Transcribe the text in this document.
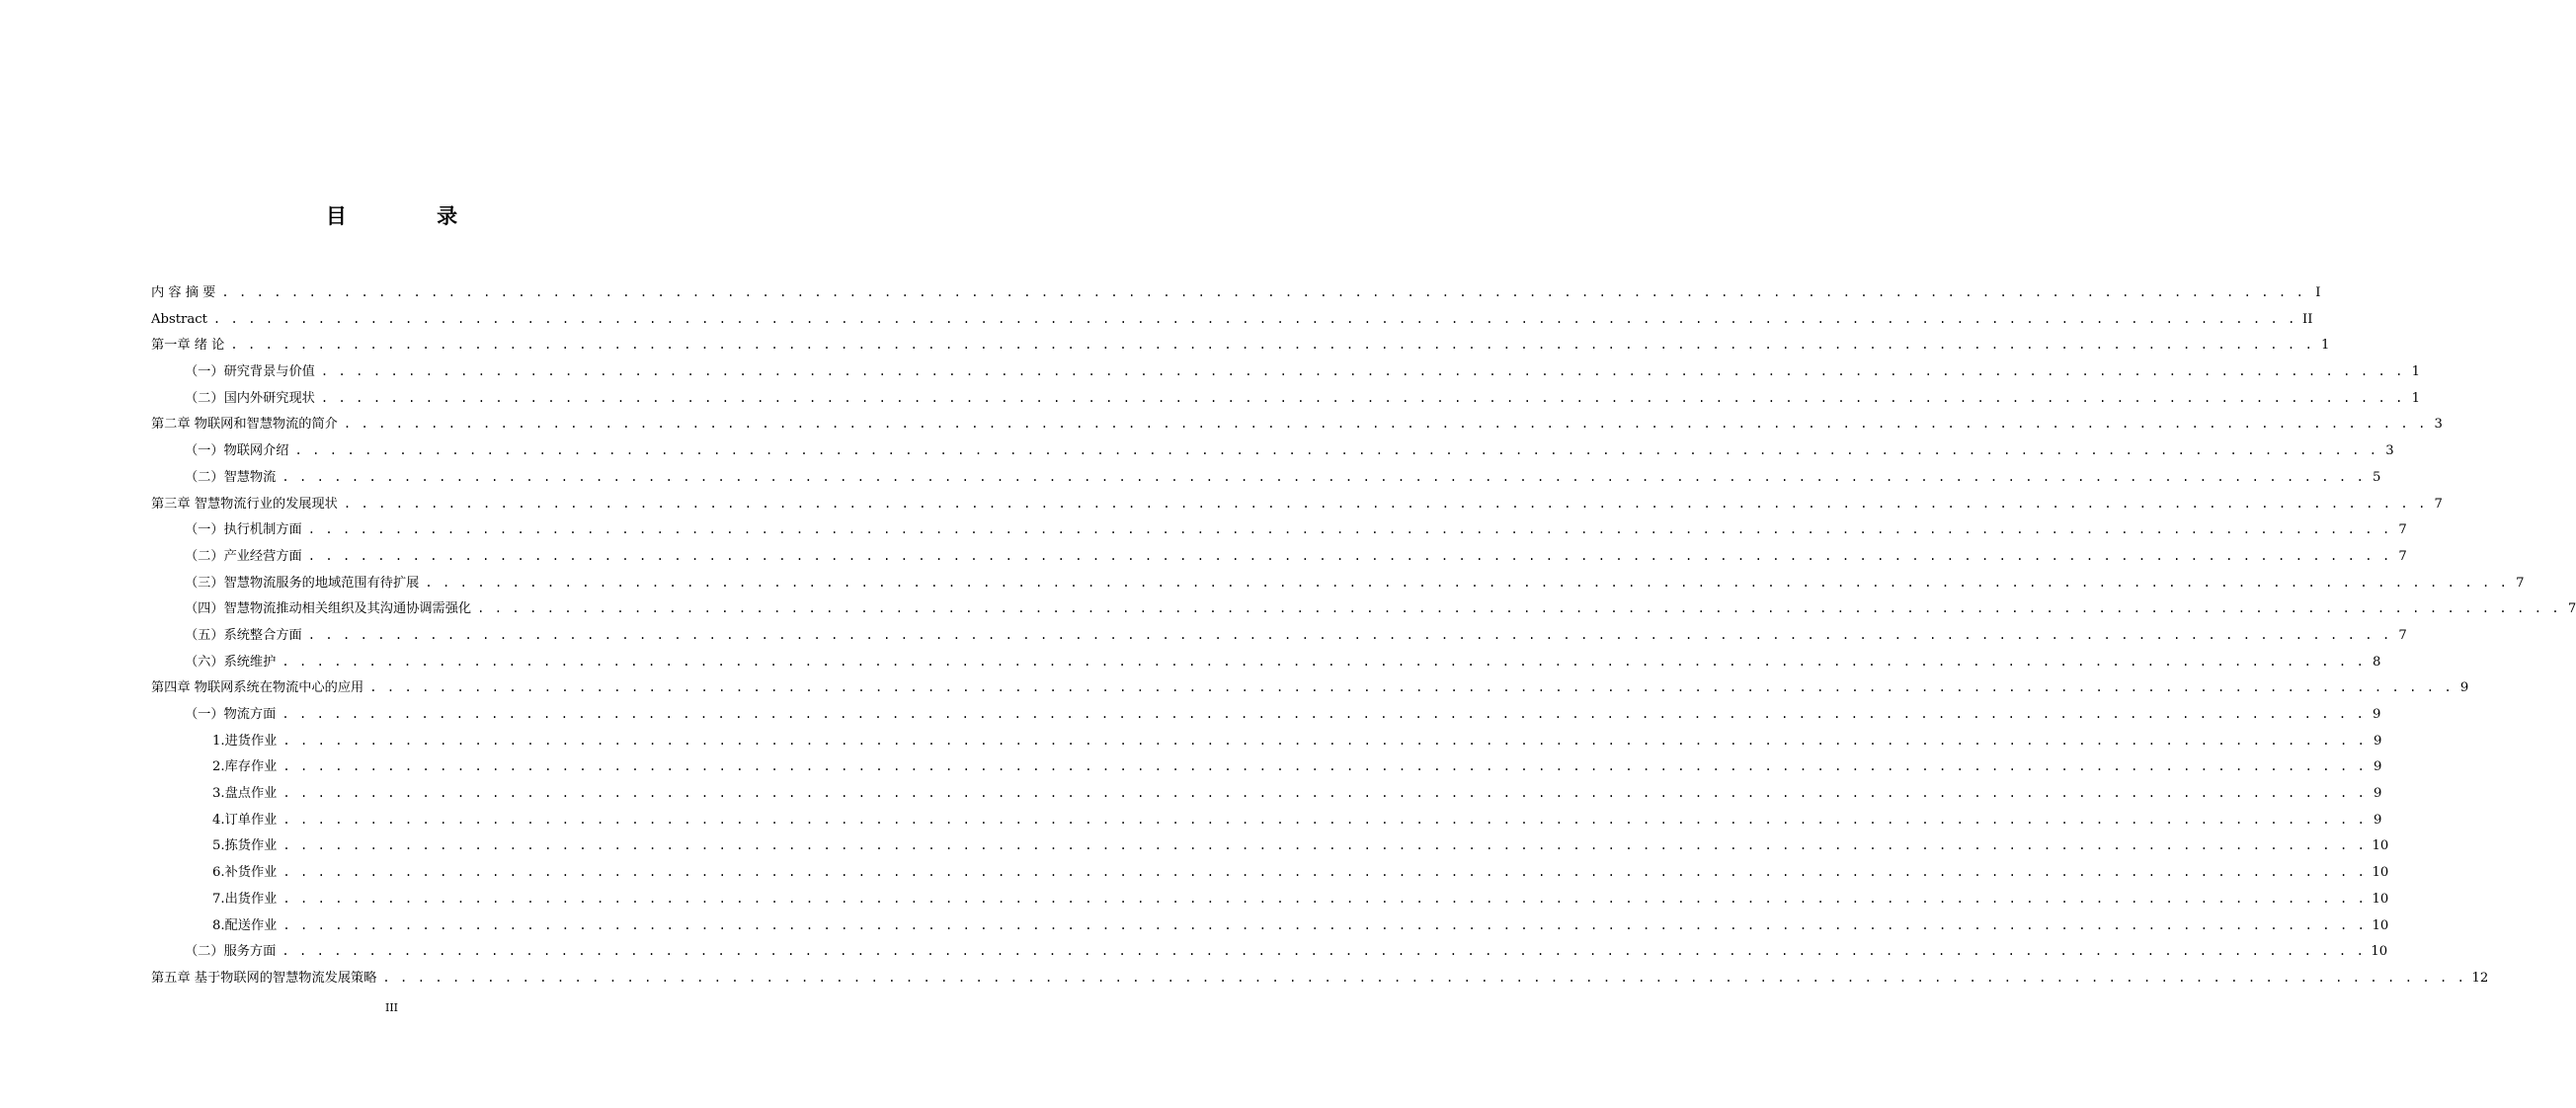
目 录
内 容 摘 要 . . . . . . . . . . . . . . . . . . . . . . . . . . . . . . . . . . . . . . . . . . . . . . . . . . . . . . . . . . . . . . . . . . . . . . . . . . . . . . . . . . . . . . . . . . . . . . . . . . . . . . . . . . . . . . . . . . . . . . . . I
Abstract . . . . . . . . . . . . . . . . . . . . . . . . . . . . . . . . . . . . . . . . . . . . . . . . . . . . . . . . . . . . . . . . . . . . . . . . . . . . . . . . . . . . . . . . . . . . . . . . . . . . . . . . . . . . . . . . . . . . . . . . II
第一章 绪 论 . . . . . . . . . . . . . . . . . . . . . . . . . . . . . . . . . . . . . . . . . . . . . . . . . . . . . . . . . . . . . . . . . . . . . . . . . . . . . . . . . . . . . . . . . . . . . . . . . . . . . . . . . . . . . . . . . . . . . . . . 1
（一） 研究背景与价值 . . . . . . . . . . . . . . . . . . . . . . . . . . . . . . . . . . . . . . . . . . . . . . . . . . . . . . . . . . . . . . . . . . . . . . . . . . . . . . . . . . . . . . . . . . . . . . . . . . . . . . . . . . . . . . . . . . . . . . . . 1
（二） 国内外研究现状 . . . . . . . . . . . . . . . . . . . . . . . . . . . . . . . . . . . . . . . . . . . . . . . . . . . . . . . . . . . . . . . . . . . . . . . . . . . . . . . . . . . . . . . . . . . . . . . . . . . . . . . . . . . . . . . . . . . . . . . . 1
第二章 物联网和智慧物流的简介 . . . . . . . . . . . . . . . . . . . . . . . . . . . . . . . . . . . . . . . . . . . . . . . . . . . . . . . . . . . . . . . . . . . . . . . . . . . . . . . . . . . . . . . . . . . . . . . . . . . . . . . . . . . . . . . . . . . . . . . . 3
（一） 物联网介绍 . . . . . . . . . . . . . . . . . . . . . . . . . . . . . . . . . . . . . . . . . . . . . . . . . . . . . . . . . . . . . . . . . . . . . . . . . . . . . . . . . . . . . . . . . . . . . . . . . . . . . . . . . . . . . . . . . . . . . . . . 3
（二） 智慧物流 . . . . . . . . . . . . . . . . . . . . . . . . . . . . . . . . . . . . . . . . . . . . . . . . . . . . . . . . . . . . . . . . . . . . . . . . . . . . . . . . . . . . . . . . . . . . . . . . . . . . . . . . . . . . . . . . . . . . . . . . 5
第三章 智慧物流行业的发展现状 . . . . . . . . . . . . . . . . . . . . . . . . . . . . . . . . . . . . . . . . . . . . . . . . . . . . . . . . . . . . . . . . . . . . . . . . . . . . . . . . . . . . . . . . . . . . . . . . . . . . . . . . . . . . . . . . . . . . . . . . 7
（一） 执行机制方面 . . . . . . . . . . . . . . . . . . . . . . . . . . . . . . . . . . . . . . . . . . . . . . . . . . . . . . . . . . . . . . . . . . . . . . . . . . . . . . . . . . . . . . . . . . . . . . . . . . . . . . . . . . . . . . . . . . . . . . . . 7
（二） 产业经营方面 . . . . . . . . . . . . . . . . . . . . . . . . . . . . . . . . . . . . . . . . . . . . . . . . . . . . . . . . . . . . . . . . . . . . . . . . . . . . . . . . . . . . . . . . . . . . . . . . . . . . . . . . . . . . . . . . . . . . . . . . 7
（三） 智慧物流服务的地域范围有待扩展 . . . . . . . . . . . . . . . . . . . . . . . . . . . . . . . . . . . . . . . . . . . . . . . . . . . . . . . . . . . . . . . . . . . . . . . . . . . . . . . . . . . . . . . . . . . . . . . . . . . . . . . . . . . . . . . . . . . . . . . . 7
（四） 智慧物流推动相关组织及其沟通协调需强化 . . . . . . . . . . . . . . . . . . . . . . . . . . . . . . . . . . . . . . . . . . . . . . . . . . . . . . . . . . . . . . . . . . . . . . . . . . . . . . . . . . . . . . . . . . . . . . . . . . . . . . . . . . . . . . . . . . . . . . . . 7
（五） 系统整合方面 . . . . . . . . . . . . . . . . . . . . . . . . . . . . . . . . . . . . . . . . . . . . . . . . . . . . . . . . . . . . . . . . . . . . . . . . . . . . . . . . . . . . . . . . . . . . . . . . . . . . . . . . . . . . . . . . . . . . . . . . 7
（六） 系统维护 . . . . . . . . . . . . . . . . . . . . . . . . . . . . . . . . . . . . . . . . . . . . . . . . . . . . . . . . . . . . . . . . . . . . . . . . . . . . . . . . . . . . . . . . . . . . . . . . . . . . . . . . . . . . . . . . . . . . . . . . 8
第四章 物联网系统在物流中心的应用 . . . . . . . . . . . . . . . . . . . . . . . . . . . . . . . . . . . . . . . . . . . . . . . . . . . . . . . . . . . . . . . . . . . . . . . . . . . . . . . . . . . . . . . . . . . . . . . . . . . . . . . . . . . . . . . . . . . . . . . . 9
（一） 物流方面 . . . . . . . . . . . . . . . . . . . . . . . . . . . . . . . . . . . . . . . . . . . . . . . . . . . . . . . . . . . . . . . . . . . . . . . . . . . . . . . . . . . . . . . . . . . . . . . . . . . . . . . . . . . . . . . . . . . . . . . . 9
1. 进货作业 . . . . . . . . . . . . . . . . . . . . . . . . . . . . . . . . . . . . . . . . . . . . . . . . . . . . . . . . . . . . . . . . . . . . . . . . . . . . . . . . . . . . . . . . . . . . . . . . . . . . . . . . . . . . . . . . . . . . . . . . 9
2. 库存作业 . . . . . . . . . . . . . . . . . . . . . . . . . . . . . . . . . . . . . . . . . . . . . . . . . . . . . . . . . . . . . . . . . . . . . . . . . . . . . . . . . . . . . . . . . . . . . . . . . . . . . . . . . . . . . . . . . . . . . . . . 9
3. 盘点作业 . . . . . . . . . . . . . . . . . . . . . . . . . . . . . . . . . . . . . . . . . . . . . . . . . . . . . . . . . . . . . . . . . . . . . . . . . . . . . . . . . . . . . . . . . . . . . . . . . . . . . . . . . . . . . . . . . . . . . . . . 9
4. 订单作业 . . . . . . . . . . . . . . . . . . . . . . . . . . . . . . . . . . . . . . . . . . . . . . . . . . . . . . . . . . . . . . . . . . . . . . . . . . . . . . . . . . . . . . . . . . . . . . . . . . . . . . . . . . . . . . . . . . . . . . . . 9
5. 拣货作业 . . . . . . . . . . . . . . . . . . . . . . . . . . . . . . . . . . . . . . . . . . . . . . . . . . . . . . . . . . . . . . . . . . . . . . . . . . . . . . . . . . . . . . . . . . . . . . . . . . . . . . . . . . . . . . . . . . . . . . . . 10
6. 补货作业 . . . . . . . . . . . . . . . . . . . . . . . . . . . . . . . . . . . . . . . . . . . . . . . . . . . . . . . . . . . . . . . . . . . . . . . . . . . . . . . . . . . . . . . . . . . . . . . . . . . . . . . . . . . . . . . . . . . . . . . . 10
7. 出货作业 . . . . . . . . . . . . . . . . . . . . . . . . . . . . . . . . . . . . . . . . . . . . . . . . . . . . . . . . . . . . . . . . . . . . . . . . . . . . . . . . . . . . . . . . . . . . . . . . . . . . . . . . . . . . . . . . . . . . . . . . 10
8. 配送作业 . . . . . . . . . . . . . . . . . . . . . . . . . . . . . . . . . . . . . . . . . . . . . . . . . . . . . . . . . . . . . . . . . . . . . . . . . . . . . . . . . . . . . . . . . . . . . . . . . . . . . . . . . . . . . . . . . . . . . . . . 10
（二） 服务方面 . . . . . . . . . . . . . . . . . . . . . . . . . . . . . . . . . . . . . . . . . . . . . . . . . . . . . . . . . . . . . . . . . . . . . . . . . . . . . . . . . . . . . . . . . . . . . . . . . . . . . . . . . . . . . . . . . . . . . . . . 10
第五章 基于物联网的智慧物流发展策略 . . . . . . . . . . . . . . . . . . . . . . . . . . . . . . . . . . . . . . . . . . . . . . . . . . . . . . . . . . . . . . . . . . . . . . . . . . . . . . . . . . . . . . . . . . . . . . . . . . . . . . . . . . . . . . . . . . . . . . . . 12
III
